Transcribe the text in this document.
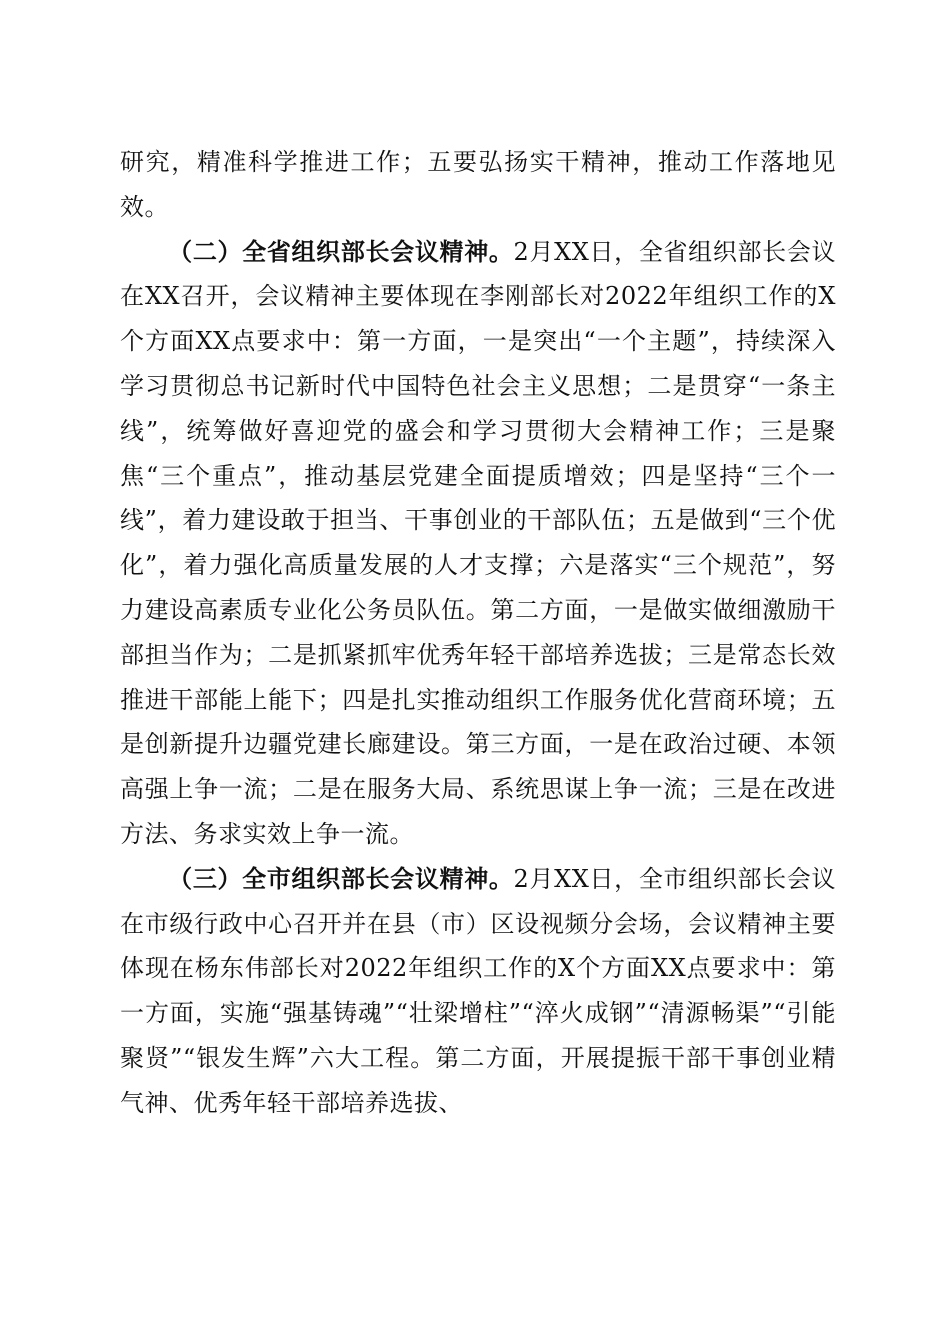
研究，精准科学推进工作；五要弘扬实干精神，推动工作落地见效。

（二）全省组织部长会议精神。2月XX日，全省组织部长会议在XX召开，会议精神主要体现在李刚部长对2022年组织工作的X个方面XX点要求中：第一方面，一是突出“一个主题”，持续深入学习贯彻总书记新时代中国特色社会主义思想；二是贯穿“一条主线”，统筹做好喜迎党的盛会和学习贯彻大会精神工作；三是聚焦“三个重点”，推动基层党建全面提质增效；四是坚持“三个一线”，着力建设敢于担当、干事创业的干部队伍；五是做到“三个优化”，着力强化高质量发展的人才支撑；六是落实“三个规范”，努力建设高素质专业化公务员队伍。第二方面，一是做实做细激励干部担当作为；二是抓紧抓牢优秀年轻干部培养选拔；三是常态长效推进干部能上能下；四是扎实推动组织工作服务优化营商环境；五是创新提升边疆党建长廊建设。第三方面，一是在政治过硬、本领高强上争一流；二是在服务大局、系统思谋上争一流；三是在改进方法、务求实效上争一流。

（三）全市组织部长会议精神。2月XX日，全市组织部长会议在市级行政中心召开并在县（市）区设视频分会场，会议精神主要体现在杨东伟部长对2022年组织工作的X个方面XX点要求中：第一方面，实施“强基铸魂”“壮梁增柱”“淬火成钢”“清源畅渠”“引能聚贤”“银发生辉”六大工程。第二方面，开展提振干部干事创业精气神、优秀年轻干部培养选拔、
